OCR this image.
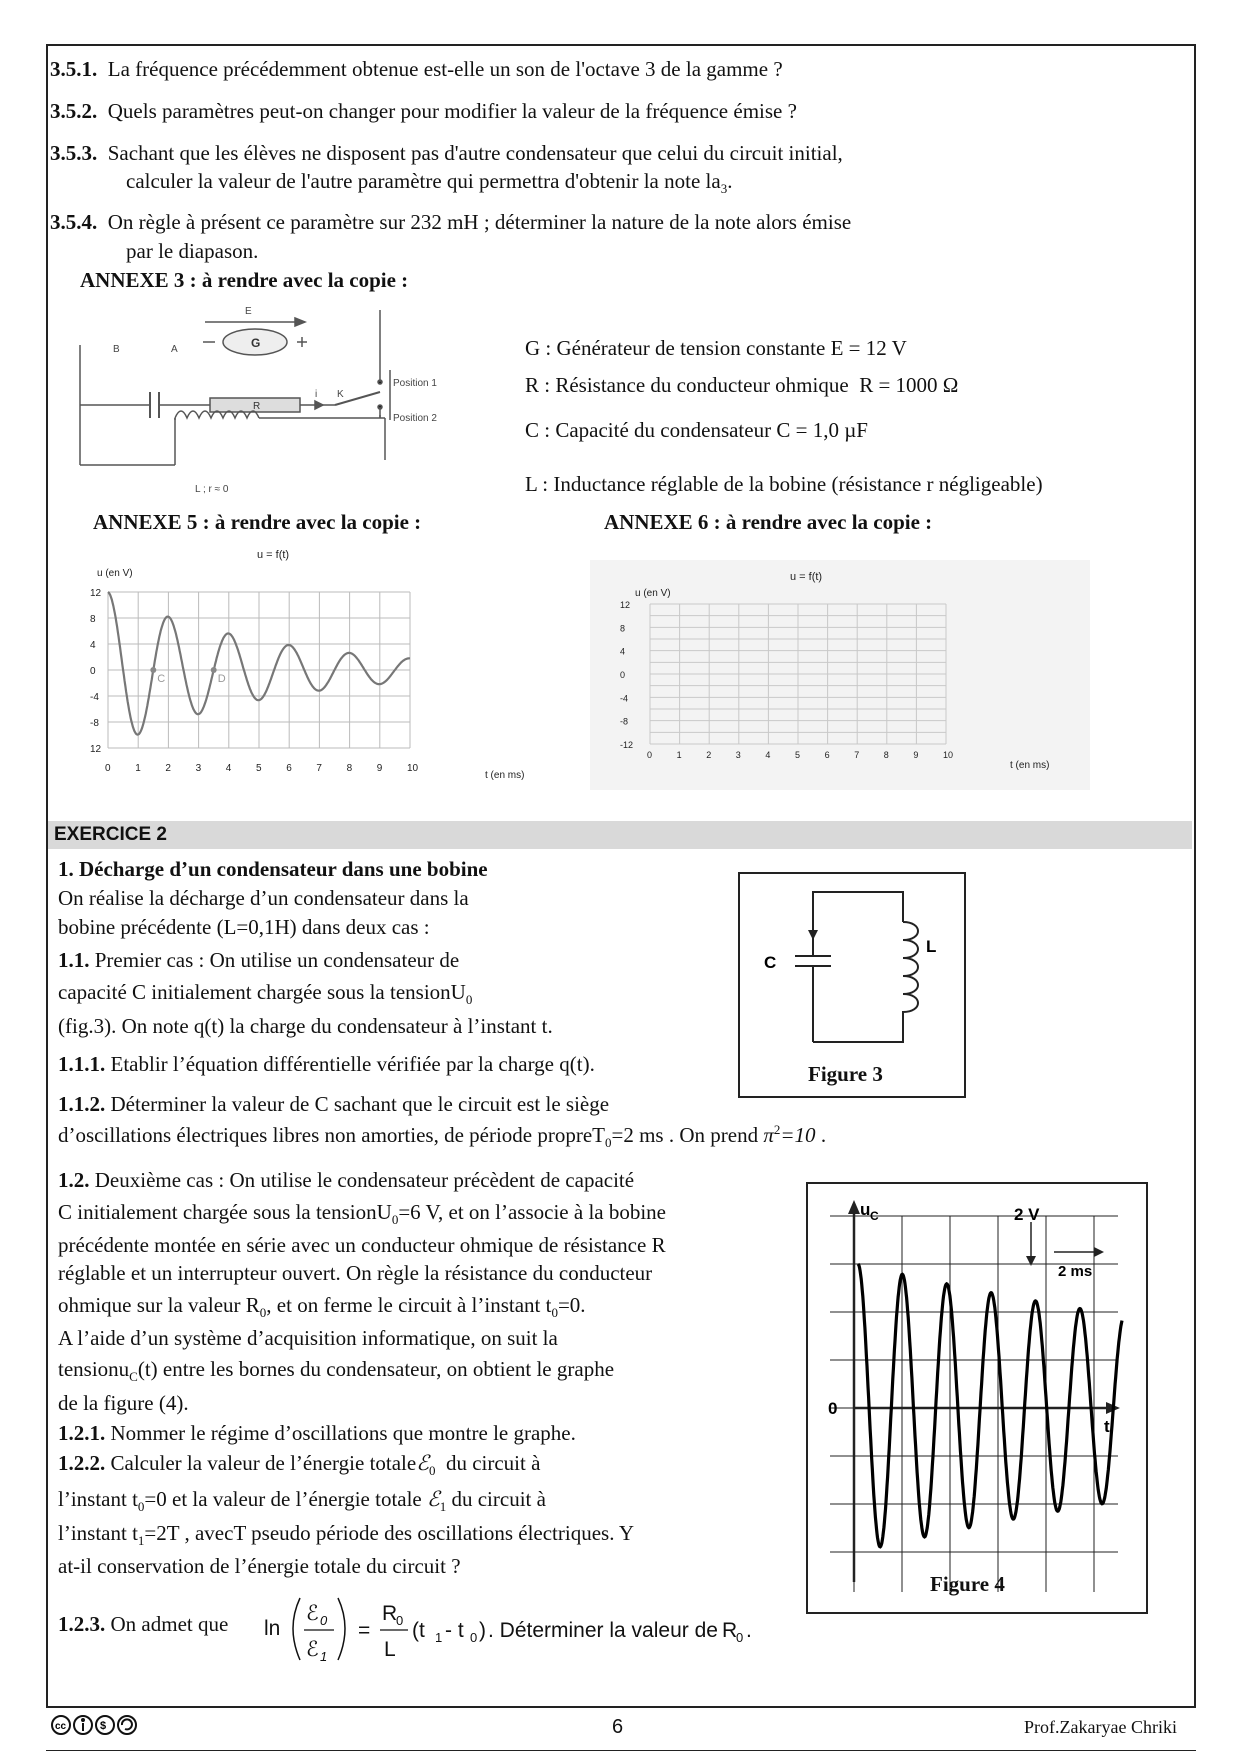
3.5.1. La fréquence précédemment obtenue est-elle un son de l'octave 3 de la gamme ?
3.5.2. Quels paramètres peut-on changer pour modifier la valeur de la fréquence émise ?
3.5.3. Sachant que les élèves ne disposent pas d'autre condensateur que celui du circuit initial,
calculer la valeur de l'autre paramètre qui permettra d'obtenir la note $la_3$.
3.5.4. On règle à présent ce paramètre sur 232 mH ; déterminer la nature de la note alors émise
par le diapason.
ANNEXE 3 : à rendre avec la copie :
E
G
B	A
R
i K
Position 1
Position 2
L ; r ≈ 0
G : Générateur de tension constante E = 12 V
R : Résistance du conducteur ohmique R = 1000 Ω
C : Capacité du condensateur C = 1,0 µF
L : Inductance réglable de la bobine (résistance r négligeable)
ANNEXE 5 : à rendre avec la copie :
u = f(t)
u (en V)
t (en ms)
12
8
4
0
-4
-8
12
0 1 2 3 4 5 6 7 8 9 10
C	D
ANNEXE 6 : à rendre avec la copie :
u = f(t)
u (en V)
t (en ms)
12
8
4
0
-4
-8
-12
0	1	2	3	4	5	6	7	8	9	10
EXERCICE 2
1. Décharge d’un condensateur dans une bobine
On réalise la décharge d’un condensateur dans la
bobine précédente (L=0,1H) dans deux cas :
1.1. Premier cas : On utilise un condensateur de
capacité C initialement chargée sous la tensionU$_0$
(fig.3). On note q(t) la charge du condensateur à l’instant t.
1.1.1. Etablir l’équation différentielle vérifiée par la charge q(t).
1.1.2. Déterminer la valeur de C sachant que le circuit est le siège
d’oscillations électriques libres non amorties, de période propreT$_0$=2 ms . On prend $\pi^2=10$ .
C
L
Figure 3
1.2. Deuxième cas : On utilise le condensateur précèdent de capacité
C initialement chargée sous la tensionU$_0$=6 V, et on l’associe à la bobine
précédente montée en série avec un conducteur ohmique de résistance R
réglable et un interrupteur ouvert. On règle la résistance du conducteur
ohmique sur la valeur $R_0$, et on ferme le circuit à l’instant $t_0=0$.
A l’aide d’un système d’acquisition informatique, on suit la
tensionu$_C$(t) entre les bornes du condensateur, on obtient le graphe
de la figure (4).
1.2.1. Nommer le régime d’oscillations que montre le graphe.
1.2.2. Calculer la valeur de l’énergie totaleℰ$_0$ du circuit à
l’instant $t_0=0$ et la valeur de l’énergie totale ℰ$_1$ du circuit à
l’instant $t_1=2T$ , avecT pseudo période des oscillations électriques. Y
at-il conservation de l’énergie totale du circuit ?
1.2.3. On admet que ln
ℰ 0
ℰ 1
=
R
0
L
(t 1 - t 0 ) . Déterminer la valeur de R
0 .
u C	2 V
2 ms
0
t
Figure 4
$
cc	6	Prof.Zakaryae Chriki
